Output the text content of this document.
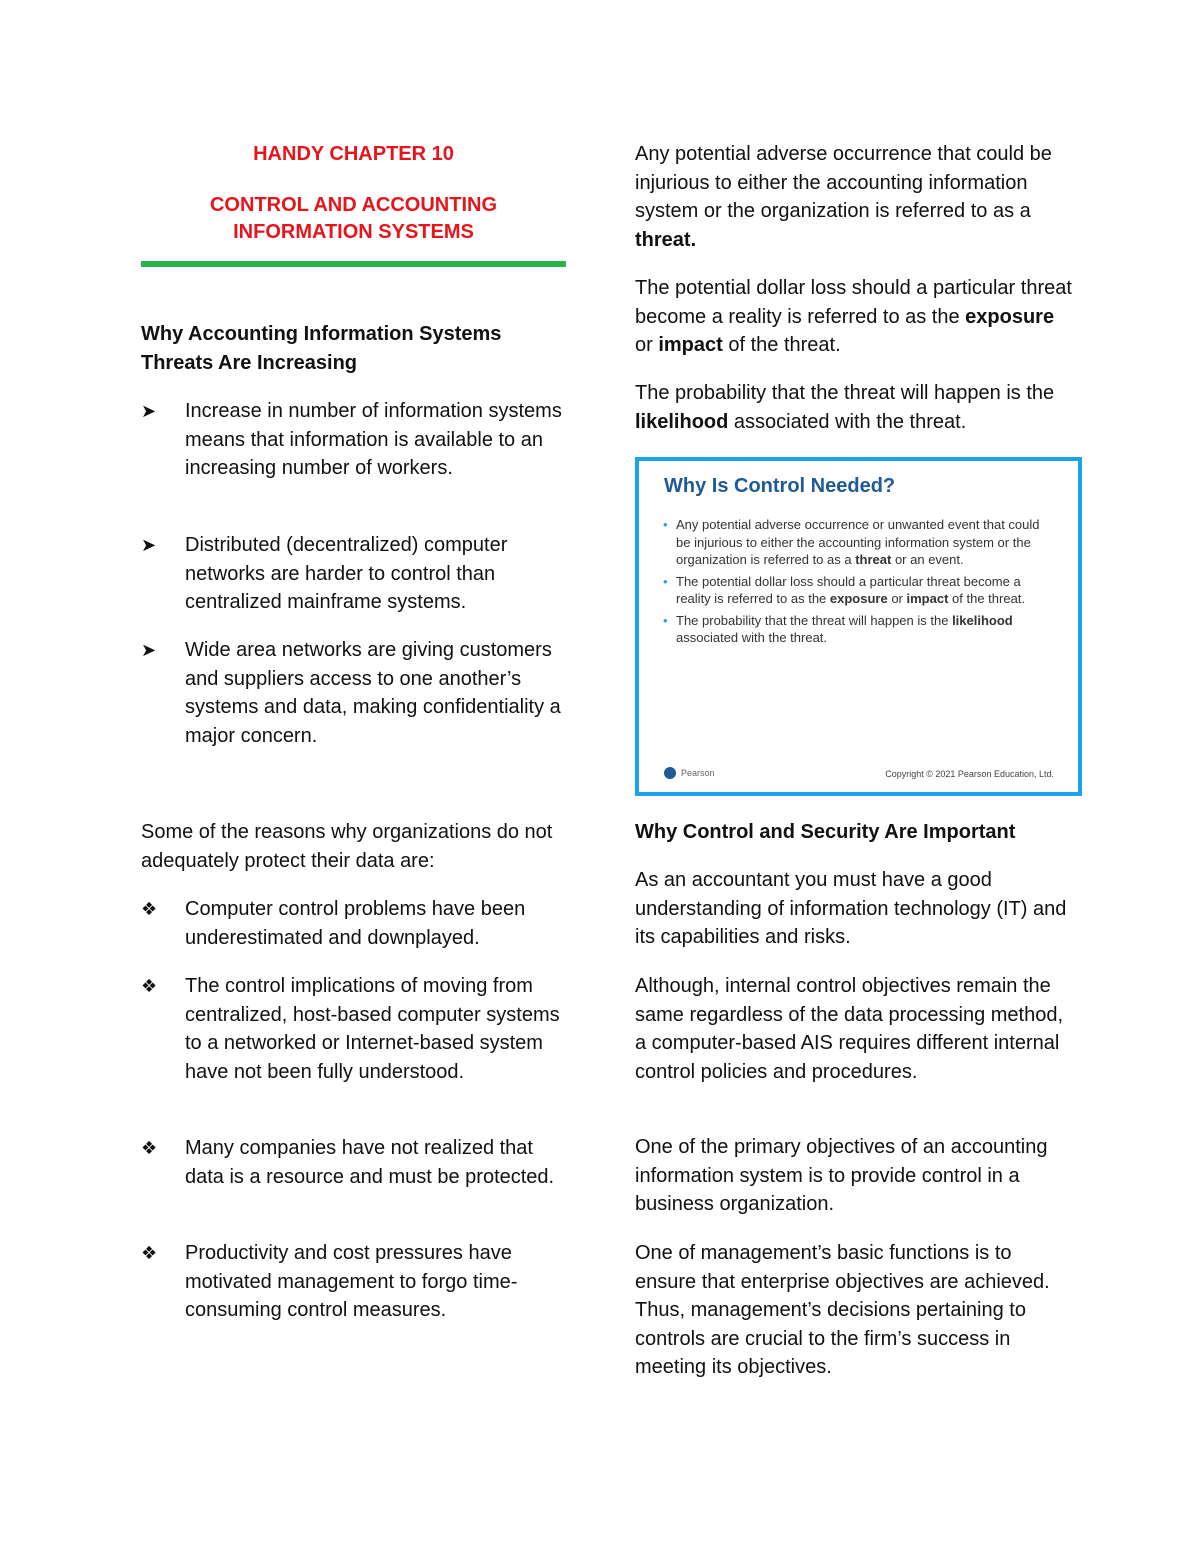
HANDY CHAPTER 10
CONTROL AND ACCOUNTING
INFORMATION SYSTEMS

Why Accounting Information Systems Threats Are Increasing

➤	Increase in number of information systems means that information is available to an increasing number of workers.

➤	Distributed (decentralized) computer networks are harder to control than centralized mainframe systems.

➤	Wide area networks are giving customers and suppliers access to one another’s systems and data, making confidentiality a major concern.

Some of the reasons why organizations do not adequately protect their data are:

❖	Computer control problems have been underestimated and downplayed.

❖	The control implications of moving from centralized, host-based computer systems to a networked or Internet-based system have not been fully understood.

❖	Many companies have not realized that data is a resource and must be protected.

❖	Productivity and cost pressures have motivated management to forgo time-consuming control measures.

Any potential adverse occurrence that could be injurious to either the accounting information system or the organization is referred to as a threat.

The potential dollar loss should a particular threat become a reality is referred to as the exposure or impact of the threat.

The probability that the threat will happen is the likelihood associated with the threat.

Why Is Control Needed?
• Any potential adverse occurrence or unwanted event that could be injurious to either the accounting information system or the organization is referred to as a threat or an event.
• The potential dollar loss should a particular threat become a reality is referred to as the exposure or impact of the threat.
• The probability that the threat will happen is the likelihood associated with the threat.
Pearson	Copyright © 2021 Pearson Education, Ltd.

Why Control and Security Are Important

As an accountant you must have a good understanding of information technology (IT) and its capabilities and risks.

Although, internal control objectives remain the same regardless of the data processing method, a computer-based AIS requires different internal control policies and procedures.

One of the primary objectives of an accounting information system is to provide control in a business organization.

One of management’s basic functions is to ensure that enterprise objectives are achieved. Thus, management’s decisions pertaining to controls are crucial to the firm’s success in meeting its objectives.
